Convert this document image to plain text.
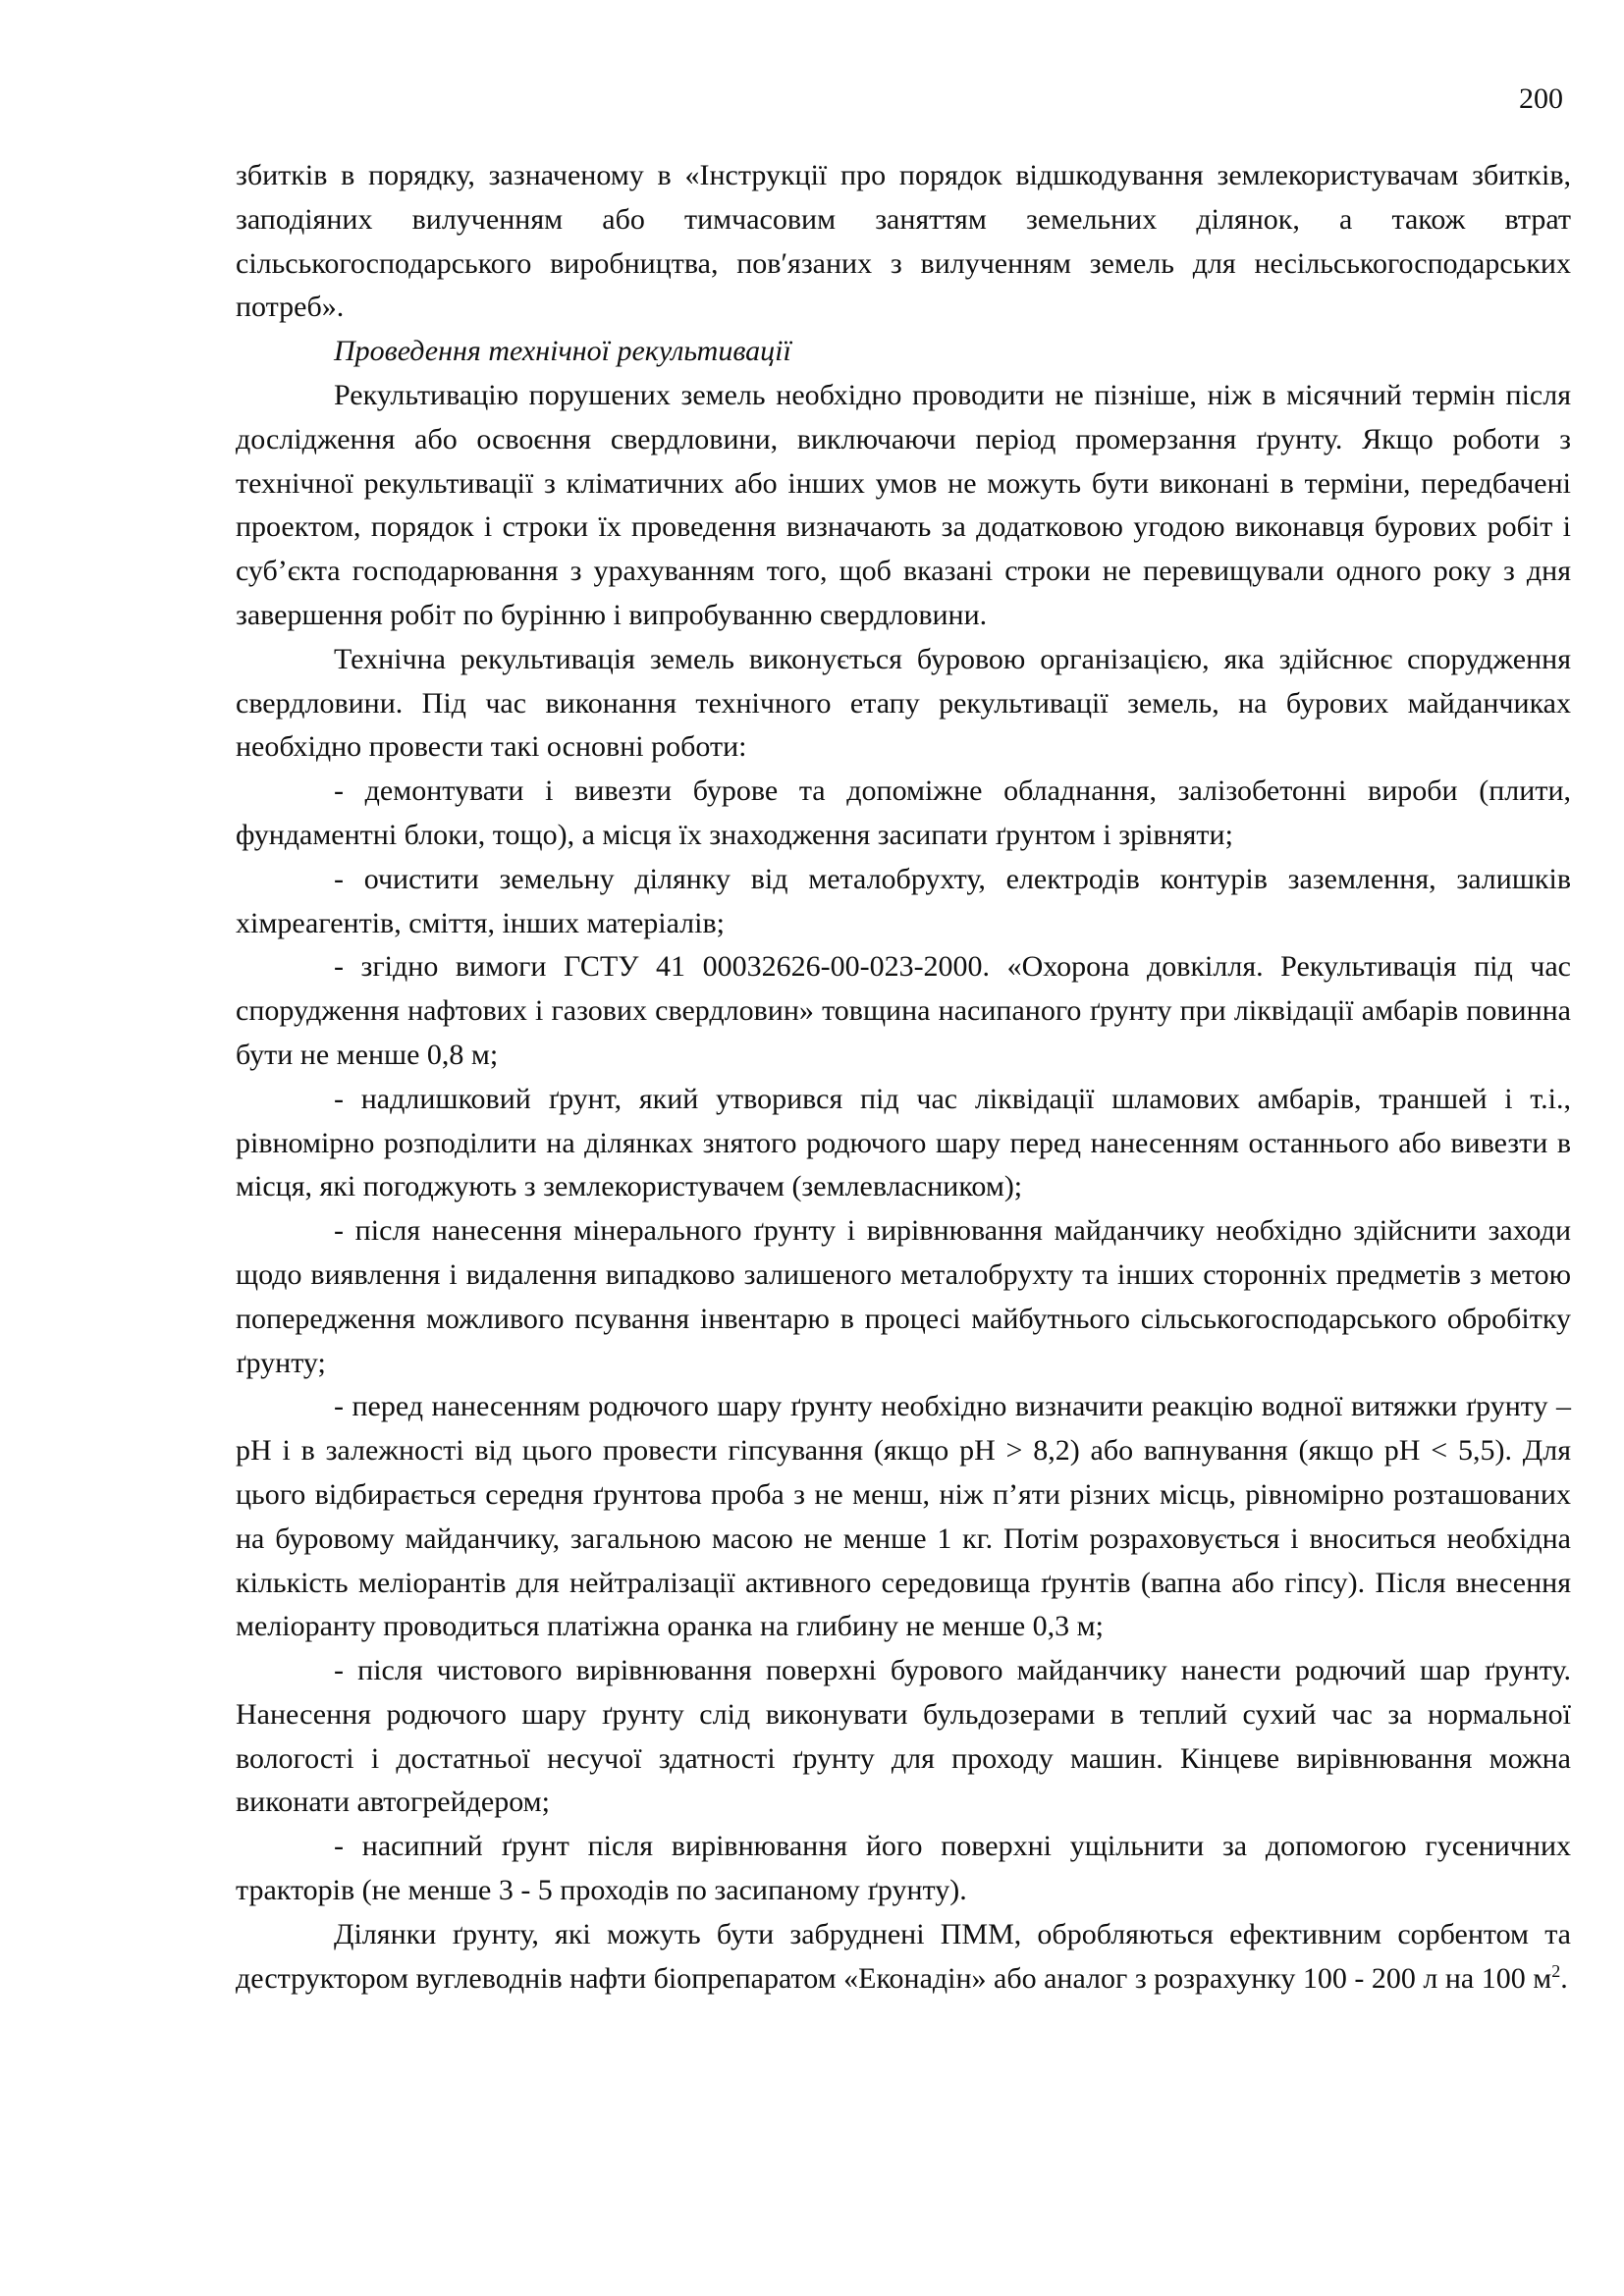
200

збитків в порядку, зазначеному в «Інструкції про порядок відшкодування землекористувачам збитків, заподіяних вилученням або тимчасовим заняттям земельних ділянок, а також втрат сільськогосподарського виробництва, пов′язаних з вилученням земель для несільськогосподарських потреб».

Проведення технічної рекультивації

Рекультивацію порушених земель необхідно проводити не пізніше, ніж в місячний термін після дослідження або освоєння свердловини, виключаючи період промерзання ґрунту. Якщо роботи з технічної рекультивації з кліматичних або інших умов не можуть бути виконані в терміни, передбачені проектом, порядок і строки їх проведення визначають за додатковою угодою виконавця бурових робіт і суб’єкта господарювання з урахуванням того, щоб вказані строки не перевищували одного року з дня завершення робіт по бурінню і випробуванню свердловини.

Технічна рекультивація земель виконується буровою організацією, яка здійснює спорудження свердловини. Під час виконання технічного етапу рекультивації земель, на бурових майданчиках необхідно провести такі основні роботи:

- демонтувати і вивезти бурове та допоміжне обладнання, залізобетонні вироби (плити, фундаментні блоки, тощо), а місця їх знаходження засипати ґрунтом і зрівняти;

- очистити земельну ділянку від металобрухту, електродів контурів заземлення, залишків хімреагентів, сміття, інших матеріалів;

- згідно вимоги ГСТУ 41 00032626-00-023-2000. «Охорона довкілля. Рекультивація під час спорудження нафтових і газових свердловин» товщина насипаного ґрунту при ліквідації амбарів повинна бути не менше 0,8 м;

- надлишковий ґрунт, який утворився під час ліквідації шламових амбарів, траншей і т.і., рівномірно розподілити на ділянках знятого родючого шару перед нанесенням останнього або вивезти в місця, які погоджують з землекористувачем (землевласником);

- після нанесення мінерального ґрунту і вирівнювання майданчику необхідно здійснити заходи щодо виявлення і видалення випадково залишеного металобрухту та інших сторонніх предметів з метою попередження можливого псування інвентарю в процесі майбутнього сільськогосподарського обробітку ґрунту;

- перед нанесенням родючого шару ґрунту необхідно визначити реакцію водної витяжки ґрунту – pH і в залежності від цього провести гіпсування (якщо pH > 8,2) або вапнування (якщо pH < 5,5). Для цього відбирається середня ґрунтова проба з не менш, ніж п’яти різних місць, рівномірно розташованих на буровому майданчику, загальною масою не менше 1 кг. Потім розраховується і вноситься необхідна кількість меліорантів для нейтралізації активного середовища ґрунтів (вапна або гіпсу). Після внесення меліоранту проводиться платіжна оранка на глибину не менше 0,3 м;

- після чистового вирівнювання поверхні бурового майданчику нанести родючий шар ґрунту. Нанесення родючого шару ґрунту слід виконувати бульдозерами в теплий сухий час за нормальної вологості і достатньої несучої здатності ґрунту для проходу машин. Кінцеве вирівнювання можна виконати автогрейдером;

- насипний ґрунт після вирівнювання його поверхні ущільнити за допомогою гусеничних тракторів (не менше 3 - 5 проходів по засипаному ґрунту).

Ділянки ґрунту, які можуть бути забруднені ПММ, обробляються ефективним сорбентом та деструктором вуглеводнів нафти біопрепаратом «Еконадін» або аналог з розрахунку 100 - 200 л на 100 $м^2$.
